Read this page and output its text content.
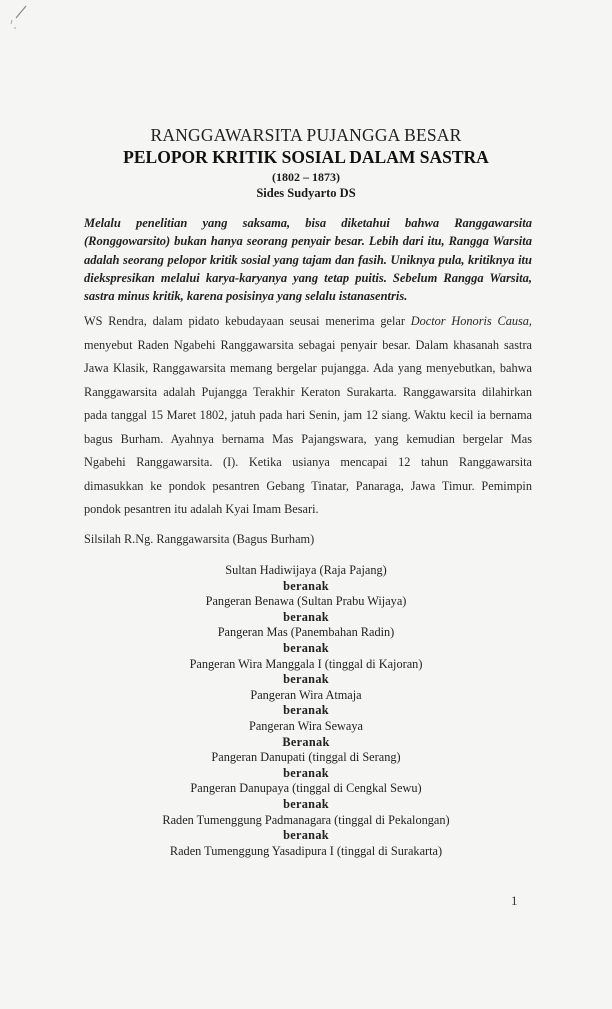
RANGGAWARSITA PUJANGGA BESAR
PELOPOR KRITIK SOSIAL DALAM SASTRA
(1802 – 1873)
Sides Sudyarto DS
Melalu penelitian yang saksama, bisa diketahui bahwa Ranggawarsita
(Ronggowarsito) bukan hanya seorang penyair besar. Lebih dari itu, Rangga Warsita
adalah seorang pelopor kritik sosial yang tajam dan fasih. Uniknya pula, kritiknya itu
diekspresikan melalui karya-karyanya yang tetap puitis. Sebelum Rangga Warsita,
sastra minus kritik, karena posisinya yang selalu istanasentris.
WS Rendra, dalam pidato kebudayaan seusai menerima gelar Doctor Honoris Causa,
menyebut Raden Ngabehi Ranggawarsita sebagai penyair besar. Dalam khasanah sastra
Jawa Klasik, Ranggawarsita memang bergelar pujangga. Ada yang menyebutkan, bahwa
Ranggawarsita adalah Pujangga Terakhir Keraton Surakarta. Ranggawarsita dilahirkan
pada tanggal 15 Maret 1802, jatuh pada hari Senin, jam 12 siang. Waktu kecil ia bernama
bagus Burham. Ayahnya bernama Mas Pajangswara, yang kemudian bergelar Mas
Ngabehi Ranggawarsita. (I). Ketika usianya mencapai 12 tahun Ranggawarsita
dimasukkan ke pondok pesantren Gebang Tinatar, Panaraga, Jawa Timur. Pemimpin
pondok pesantren itu adalah Kyai Imam Besari.
Silsilah R.Ng. Ranggawarsita (Bagus Burham)
Sultan Hadiwijaya (Raja Pajang)
beranak
Pangeran Benawa (Sultan Prabu Wijaya)
beranak
Pangeran Mas (Panembahan Radin)
beranak
Pangeran Wira Manggala I (tinggal di Kajoran)
beranak
Pangeran Wira Atmaja
beranak
Pangeran Wira Sewaya
Beranak
Pangeran Danupati (tinggal di Serang)
beranak
Pangeran Danupaya (tinggal di Cengkal Sewu)
beranak
Raden Tumenggung Padmanagara (tinggal di Pekalongan)
beranak
Raden Tumenggung Yasadipura I (tinggal di Surakarta)
1
